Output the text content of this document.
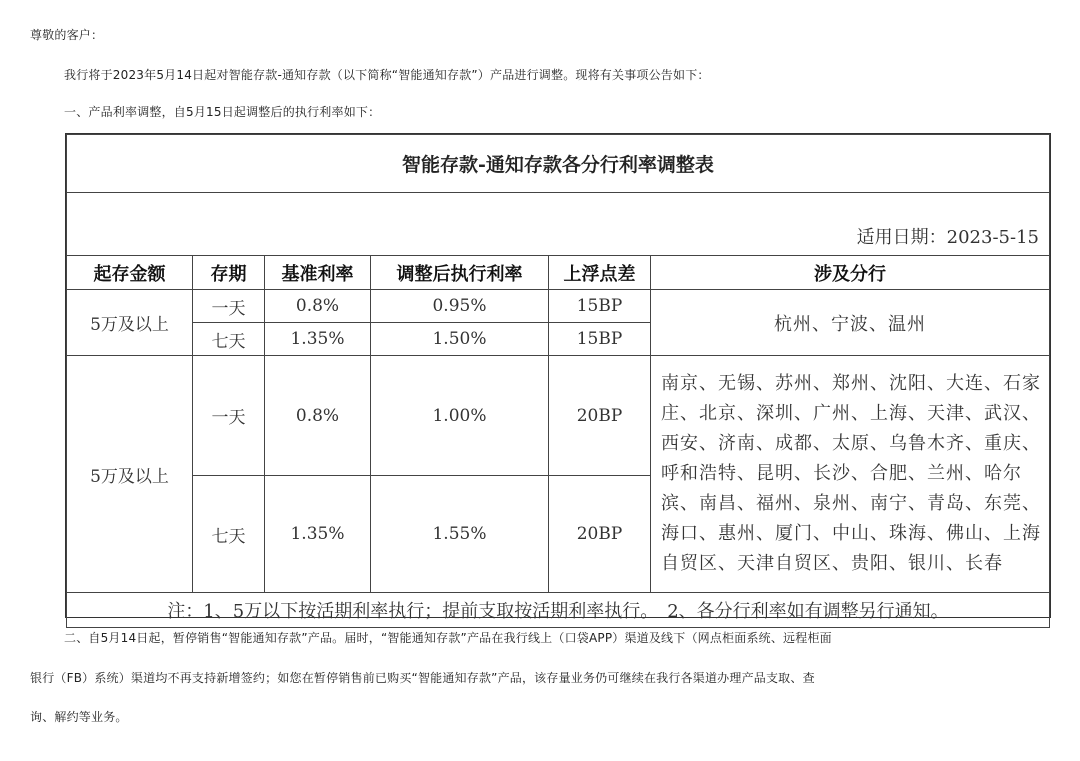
尊敬的客户：
我行将于2023年5月14日起对智能存款-通知存款（以下简称“智能通知存款”）产品进行调整。现将有关事项公告如下：
一、产品利率调整，自5月15日起调整后的执行利率如下：
智能存款-通知存款各分行利率调整表					
适用日期：2023-5-15					
起存金额	存期	基准利率	调整后执行利率	上浮点差	涉及分行
5万及以上	一天	0.8%	0.95%	15BP	杭州、宁波、温州
	七天	1.35%	1.50%	15BP	
5万及以上	一天	0.8%	1.00%	20BP	南京、无锡、苏州、郑州、沈阳、大连、石家庄、北京、深圳、广州、上海、天津、武汉、西安、济南、成都、太原、乌鲁木齐、重庆、呼和浩特、昆明、长沙、合肥、兰州、哈尔滨、南昌、福州、泉州、南宁、青岛、东莞、海口、惠州、厦门、中山、珠海、佛山、上海自贸区、天津自贸区、贵阳、银川、长春
	七天	1.35%	1.55%	20BP	
注：1、5万以下按活期利率执行；提前支取按活期利率执行。　2、各分行利率如有调整另行通知。					
二、自5月14日起，暂停销售“智能通知存款”产品。届时，“智能通知存款”产品在我行线上（口袋APP）渠道及线下（网点柜面系统、远程柜面
银行（FB）系统）渠道均不再支持新增签约；如您在暂停销售前已购买“智能通知存款”产品，该存量业务仍可继续在我行各渠道办理产品支取、查
询、解约等业务。
